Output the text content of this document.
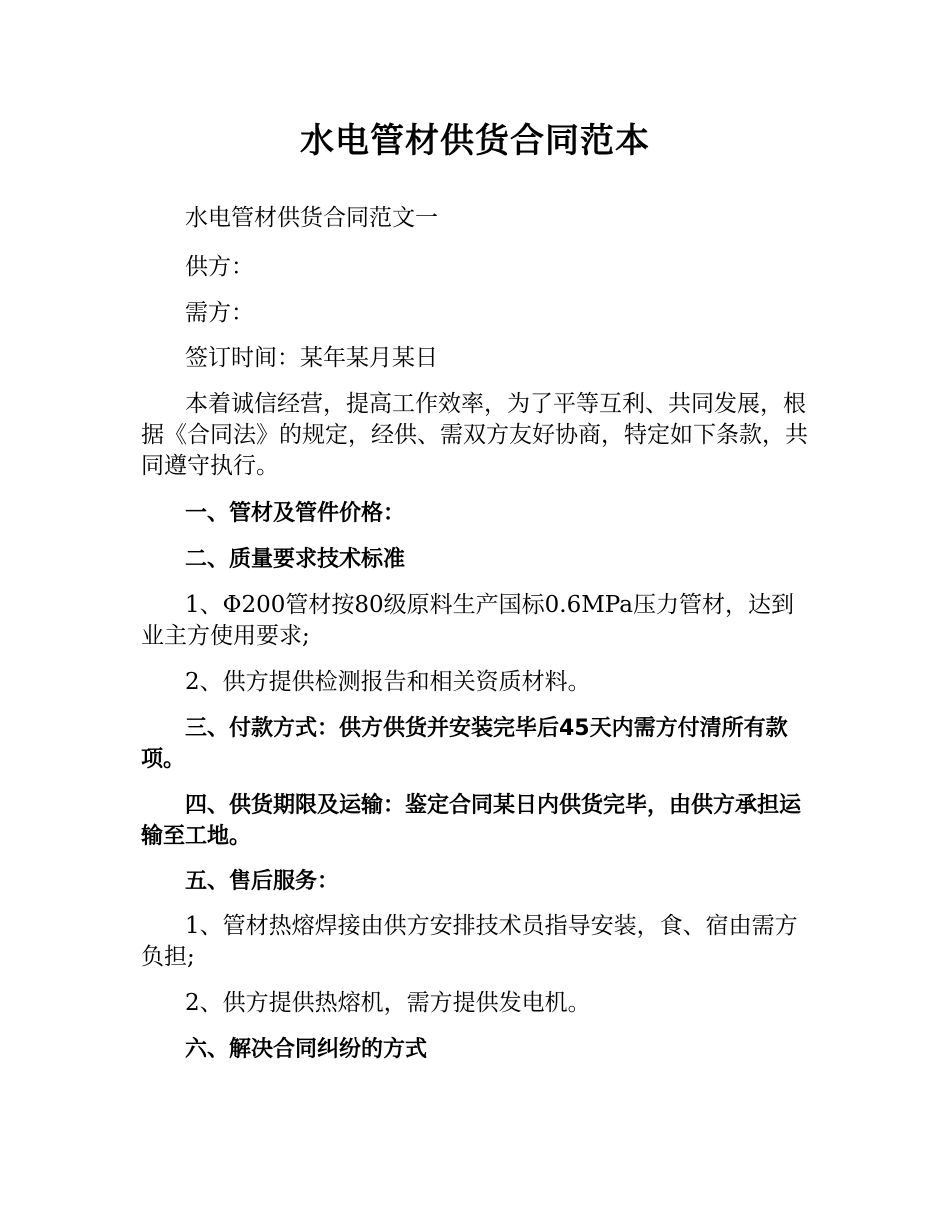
水电管材供货合同范本

水电管材供货合同范文一

供方：

需方：

签订时间：某年某月某日

本着诚信经营，提高工作效率，为了平等互利、共同发展，根据《合同法》的规定，经供、需双方友好协商，特定如下条款，共同遵守执行。

一、管材及管件价格：

二、质量要求技术标准

1、Φ200管材按80级原料生产国标0.6MPa压力管材，达到业主方使用要求;

2、供方提供检测报告和相关资质材料。

三、付款方式：供方供货并安装完毕后45天内需方付清所有款项。

四、供货期限及运输：鉴定合同某日内供货完毕，由供方承担运输至工地。

五、售后服务：

1、管材热熔焊接由供方安排技术员指导安装，食、宿由需方负担;

2、供方提供热熔机，需方提供发电机。

六、解决合同纠纷的方式
